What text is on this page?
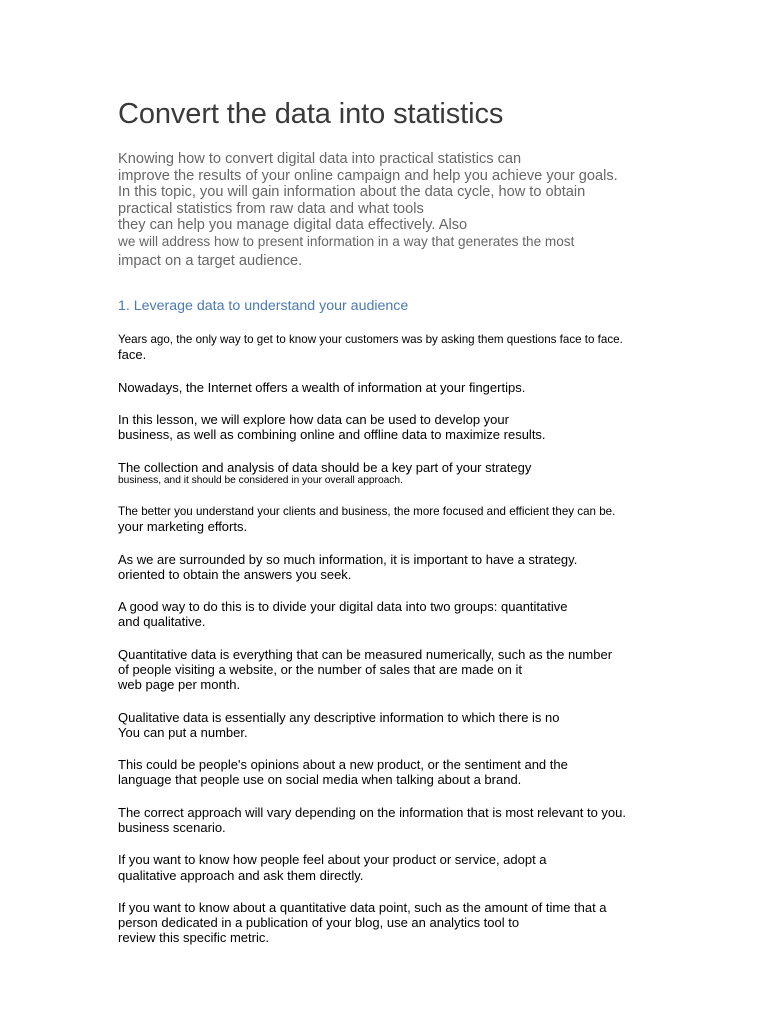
Convert the data into statistics
Knowing how to convert digital data into practical statistics can
improve the results of your online campaign and help you achieve your goals.
In this topic, you will gain information about the data cycle, how to obtain
practical statistics from raw data and what tools
they can help you manage digital data effectively. Also
we will address how to present information in a way that generates the most
impact on a target audience.
1. Leverage data to understand your audience
Years ago, the only way to get to know your customers was by asking them questions face to face.
face.
Nowadays, the Internet offers a wealth of information at your fingertips.
In this lesson, we will explore how data can be used to develop your
business, as well as combining online and offline data to maximize results.
The collection and analysis of data should be a key part of your strategy
business, and it should be considered in your overall approach.
The better you understand your clients and business, the more focused and efficient they can be.
your marketing efforts.
As we are surrounded by so much information, it is important to have a strategy.
oriented to obtain the answers you seek.
A good way to do this is to divide your digital data into two groups: quantitative
and qualitative.
Quantitative data is everything that can be measured numerically, such as the number
of people visiting a website, or the number of sales that are made on it
web page per month.
Qualitative data is essentially any descriptive information to which there is no
You can put a number.
This could be people's opinions about a new product, or the sentiment and the
language that people use on social media when talking about a brand.
The correct approach will vary depending on the information that is most relevant to you.
business scenario.
If you want to know how people feel about your product or service, adopt a
qualitative approach and ask them directly.
If you want to know about a quantitative data point, such as the amount of time that a
person dedicated in a publication of your blog, use an analytics tool to
review this specific metric.
